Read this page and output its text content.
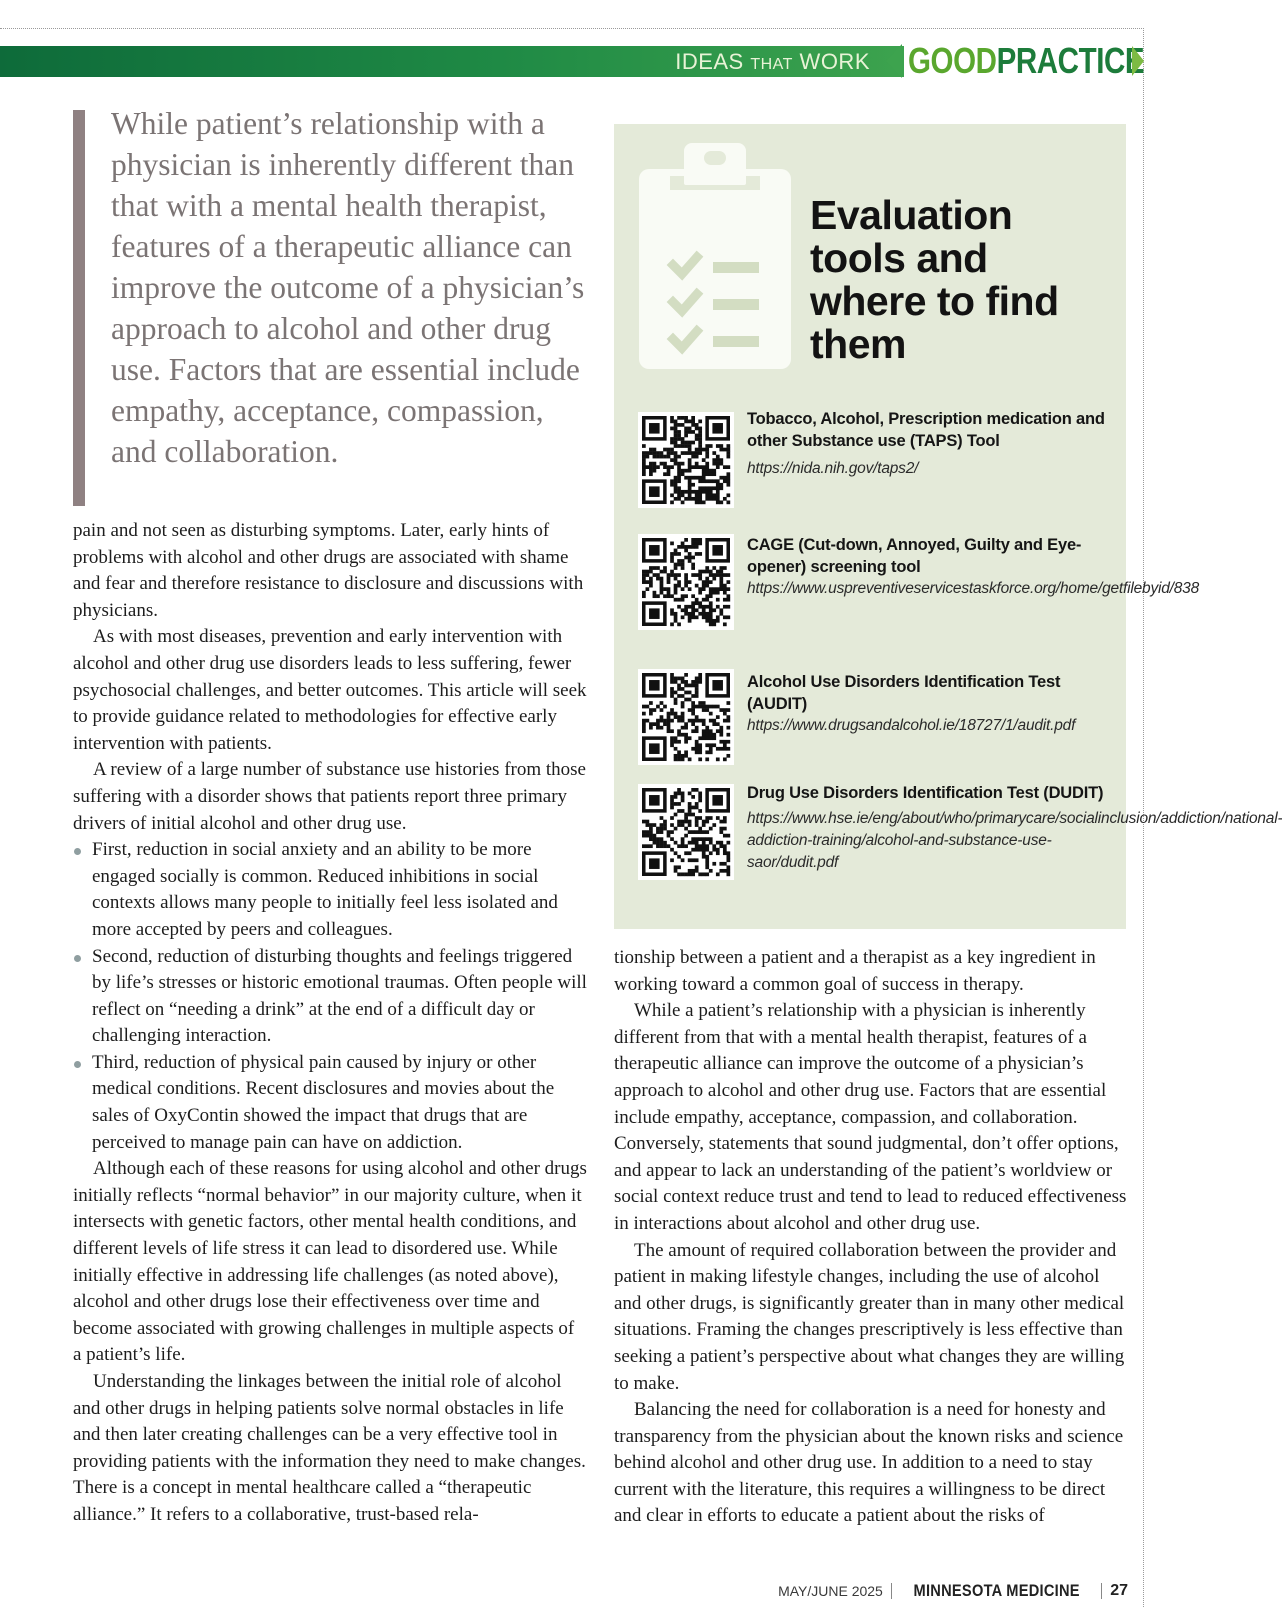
IDEAS THAT WORK GOODPRACTICE

While patient’s relationship with a physician is inherently different than that with a mental health therapist, features of a therapeutic alliance can improve the outcome of a physician’s approach to alcohol and other drug use. Factors that are essential include empathy, acceptance, compassion, and collaboration.

pain and not seen as disturbing symptoms. Later, early hints of problems with alcohol and other drugs are associated with shame and fear and therefore resistance to disclosure and discussions with physicians.

As with most diseases, prevention and early intervention with alcohol and other drug use disorders leads to less suffering, fewer psychosocial challenges, and better outcomes. This article will seek to provide guidance related to methodologies for effective early intervention with patients.

A review of a large number of substance use histories from those suffering with a disorder shows that patients report three primary drivers of initial alcohol and other drug use.

First, reduction in social anxiety and an ability to be more engaged socially is common. Reduced inhibitions in social contexts allows many people to initially feel less isolated and more accepted by peers and colleagues.
Second, reduction of disturbing thoughts and feelings triggered by life’s stresses or historic emotional traumas. Often people will reflect on “needing a drink” at the end of a difficult day or challenging interaction.
Third, reduction of physical pain caused by injury or other medical conditions. Recent disclosures and movies about the sales of OxyContin showed the impact that drugs that are perceived to manage pain can have on addiction.

Although each of these reasons for using alcohol and other drugs initially reflects “normal behavior” in our majority culture, when it intersects with genetic factors, other mental health conditions, and different levels of life stress it can lead to disordered use. While initially effective in addressing life challenges (as noted above), alcohol and other drugs lose their effectiveness over time and become associated with growing challenges in multiple aspects of a patient’s life.

Understanding the linkages between the initial role of alcohol and other drugs in helping patients solve normal obstacles in life and then later creating challenges can be a very effective tool in providing patients with the information they need to make changes. There is a concept in mental healthcare called a “therapeutic alliance.” It refers to a collaborative, trust-based rela-

Evaluation tools and where to find them
Tobacco, Alcohol, Prescription medication and other Substance use (TAPS) Tool
https://nida.nih.gov/taps2/
CAGE (Cut-down, Annoyed, Guilty and Eye-opener) screening tool
https://www.uspreventiveservicestaskforce.org/home/getfilebyid/838
Alcohol Use Disorders Identification Test (AUDIT)
https://www.drugsandalcohol.ie/18727/1/audit.pdf
Drug Use Disorders Identification Test (DUDIT)
https://www.hse.ie/eng/about/who/primarycare/socialinclusion/addiction/national-addiction-training/alcohol-and-substance-use-saor/dudit.pdf

tionship between a patient and a therapist as a key ingredient in working toward a common goal of success in therapy.

While a patient’s relationship with a physician is inherently different from that with a mental health therapist, features of a therapeutic alliance can improve the outcome of a physician’s approach to alcohol and other drug use. Factors that are essential include empathy, acceptance, compassion, and collaboration. Conversely, statements that sound judgmental, don’t offer options, and appear to lack an understanding of the patient’s worldview or social context reduce trust and tend to lead to reduced effectiveness in interactions about alcohol and other drug use.

The amount of required collaboration between the provider and patient in making lifestyle changes, including the use of alcohol and other drugs, is significantly greater than in many other medical situations. Framing the changes prescriptively is less effective than seeking a patient’s perspective about what changes they are willing to make.

Balancing the need for collaboration is a need for honesty and transparency from the physician about the known risks and science behind alcohol and other drug use. In addition to a need to stay current with the literature, this requires a willingness to be direct and clear in efforts to educate a patient about the risks of

MAY/JUNE 2025 MINNESOTA MEDICINE 27
